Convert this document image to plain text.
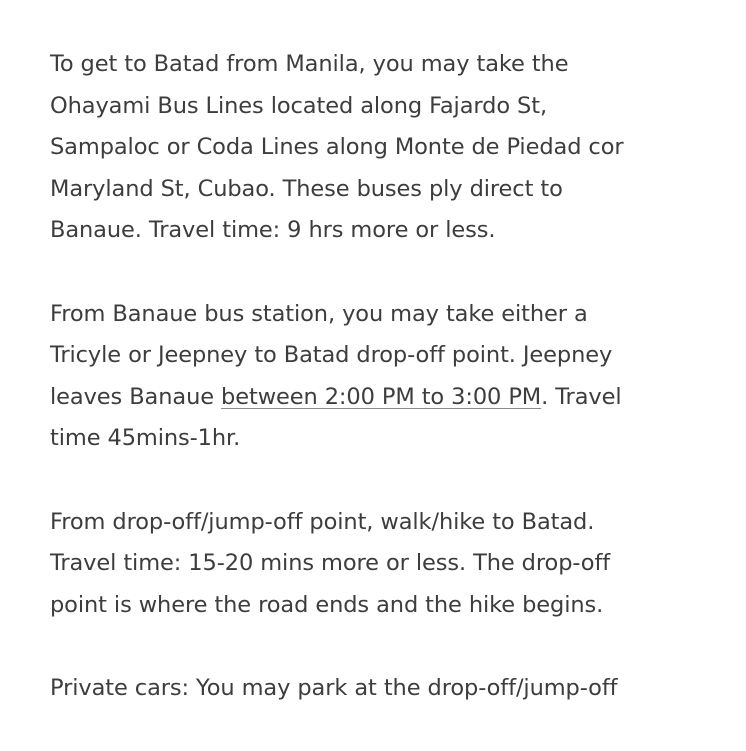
To get to Batad from Manila, you may take the
Ohayami Bus Lines located along Fajardo St,
Sampaloc or Coda Lines along Monte de Piedad cor
Maryland St, Cubao. These buses ply direct to
Banaue. Travel time: 9 hrs more or less.

From Banaue bus station, you may take either a
Tricyle or Jeepney to Batad drop-off point. Jeepney
leaves Banaue between 2:00 PM to 3:00 PM. Travel
time 45mins-1hr.

From drop-off/jump-off point, walk/hike to Batad.
Travel time: 15-20 mins more or less. The drop-off
point is where the road ends and the hike begins.

Private cars: You may park at the drop-off/jump-off
